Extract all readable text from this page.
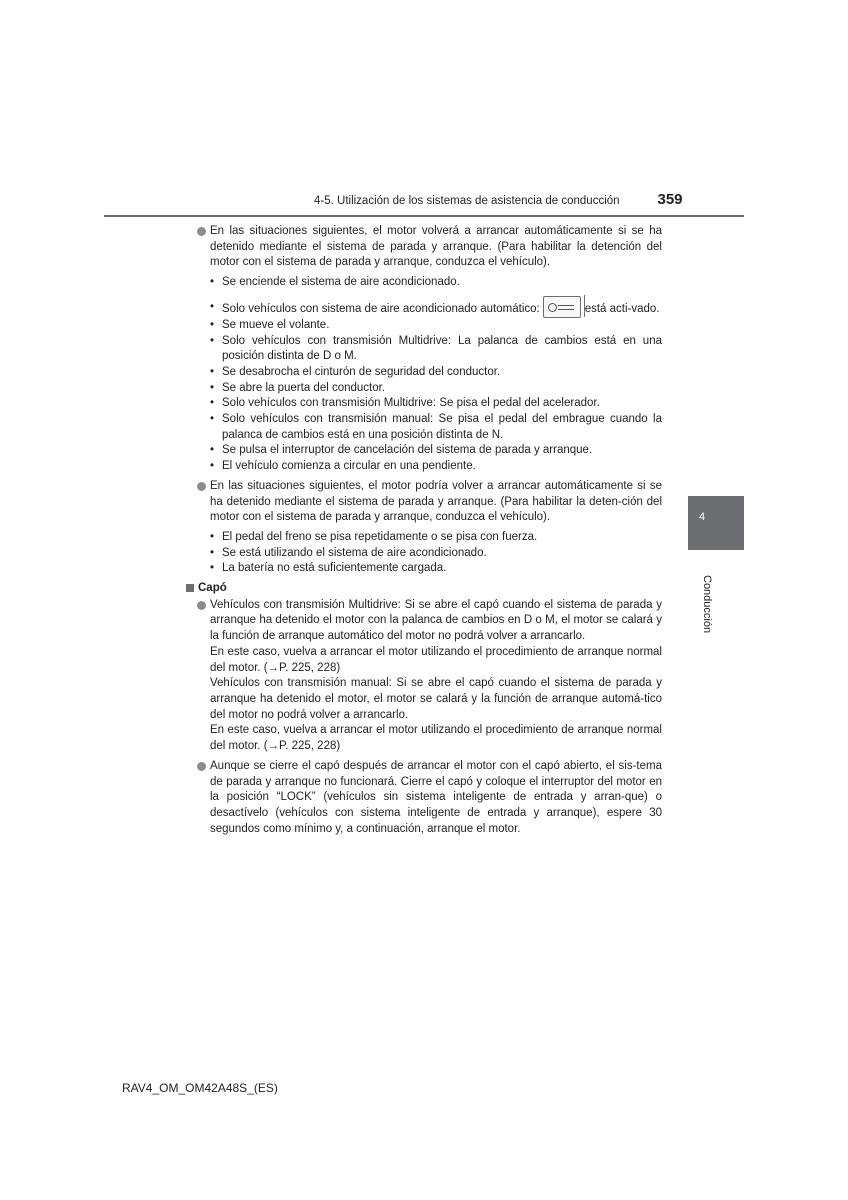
4-5. Utilización de los sistemas de asistencia de conducción	359
4
Conducción

En las situaciones siguientes, el motor volverá a arrancar automáticamente si se ha detenido mediante el sistema de parada y arranque. (Para habilitar la detención del motor con el sistema de parada y arranque, conduzca el vehículo).

• Se enciende el sistema de aire acondicionado.
• Solo vehículos con sistema de aire acondicionado automático:	está acti-vado.
• Se mueve el volante.
• Solo vehículos con transmisión Multidrive: La palanca de cambios está en una posición distinta de D o M.
• Se desabrocha el cinturón de seguridad del conductor.
• Se abre la puerta del conductor.
• Solo vehículos con transmisión Multidrive: Se pisa el pedal del acelerador.
• Solo vehículos con transmisión manual: Se pisa el pedal del embrague cuando la palanca de cambios está en una posición distinta de N.
• Se pulsa el interruptor de cancelación del sistema de parada y arranque.
• El vehículo comienza a circular en una pendiente.

En las situaciones siguientes, el motor podría volver a arrancar automáticamente si se ha detenido mediante el sistema de parada y arranque. (Para habilitar la deten-ción del motor con el sistema de parada y arranque, conduzca el vehículo).

• El pedal del freno se pisa repetidamente o se pisa con fuerza.
• Se está utilizando el sistema de aire acondicionado.
• La batería no está suficientemente cargada.
Capó

Vehículos con transmisión Multidrive: Si se abre el capó cuando el sistema de parada y arranque ha detenido el motor con la palanca de cambios en D o M, el motor se calará y la función de arranque automático del motor no podrá volver a arrancarlo.

En este caso, vuelva a arrancar el motor utilizando el procedimiento de arranque normal del motor. (→P. 225, 228)

Vehículos con transmisión manual: Si se abre el capó cuando el sistema de parada y arranque ha detenido el motor, el motor se calará y la función de arranque automá-tico del motor no podrá volver a arrancarlo.

En este caso, vuelva a arrancar el motor utilizando el procedimiento de arranque normal del motor. (→P. 225, 228)

Aunque se cierre el capó después de arrancar el motor con el capó abierto, el sis-tema de parada y arranque no funcionará. Cierre el capó y coloque el interruptor del motor en la posición “LOCK” (vehículos sin sistema inteligente de entrada y arran-que) o desactívelo (vehículos con sistema inteligente de entrada y arranque), espere 30 segundos como mínimo y, a continuación, arranque el motor.

RAV4_OM_OM42A48S_(ES)
